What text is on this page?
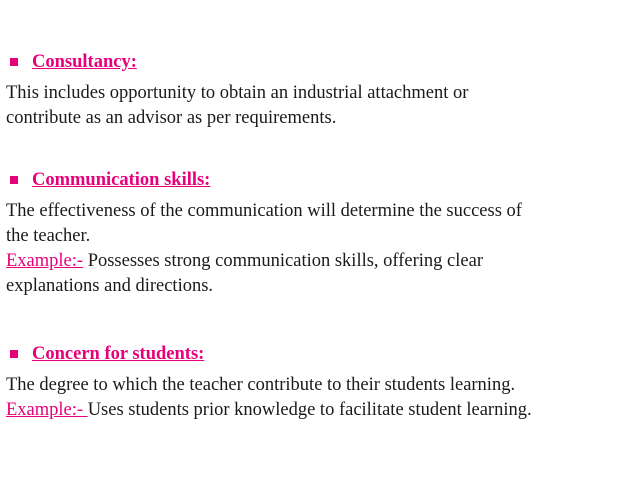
Consultancy:

This includes opportunity to obtain an industrial attachment or

contribute as an advisor as per requirements.

Communication skills:

The effectiveness of the communication will determine the success of

the teacher.

Example:- Possesses strong communication skills, offering clear

explanations and directions.

Concern for students:

The degree to which the teacher contribute to their students learning.

Example:- Uses students prior knowledge to facilitate student learning.
